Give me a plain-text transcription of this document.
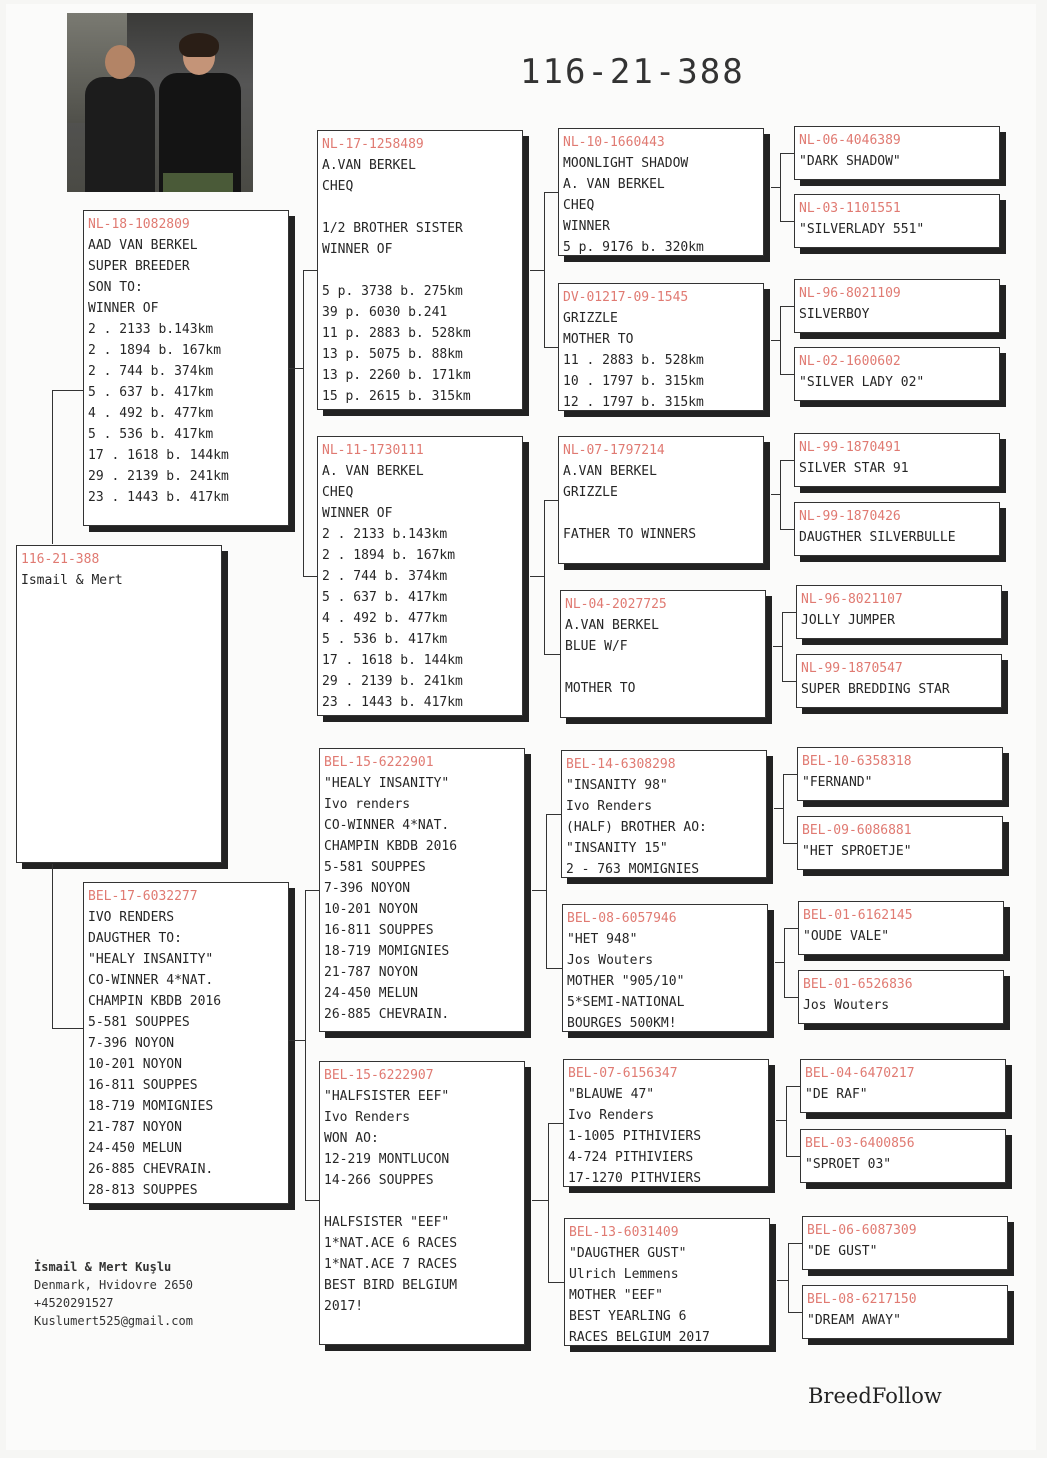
116-21-388
116-21-388
Ismail & Mert
NL-18-1082809
AAD VAN BERKEL
SUPER BREEDER
SON TO:
WINNER OF
2 . 2133 b.143km
2 . 1894 b. 167km
2 . 744 b. 374km
5 . 637 b. 417km
4 . 492 b. 477km
5 . 536 b. 417km
17 . 1618 b. 144km
29 . 2139 b. 241km
23 . 1443 b. 417km
BEL-17-6032277
IVO RENDERS
DAUGTHER TO:
"HEALY INSANITY"
CO-WINNER 4*NAT.
CHAMPIN KBDB 2016
5-581 SOUPPES
7-396 NOYON
10-201 NOYON
16-811 SOUPPES
18-719 MOMIGNIES
21-787 NOYON
24-450 MELUN
26-885 CHEVRAIN.
28-813 SOUPPES
NL-17-1258489
A.VAN BERKEL
CHEQ

1/2 BROTHER SISTER
WINNER OF

5 p. 3738 b. 275km
39 p. 6030 b.241
11 p. 2883 b. 528km
13 p. 5075 b. 88km
13 p. 2260 b. 171km
15 p. 2615 b. 315km
NL-11-1730111
A. VAN BERKEL
CHEQ
WINNER OF
2 . 2133 b.143km
2 . 1894 b. 167km
2 . 744 b. 374km
5 . 637 b. 417km
4 . 492 b. 477km
5 . 536 b. 417km
17 . 1618 b. 144km
29 . 2139 b. 241km
23 . 1443 b. 417km
BEL-15-6222901
"HEALY INSANITY"
Ivo renders
CO-WINNER 4*NAT.
CHAMPIN KBDB 2016
5-581 SOUPPES
7-396 NOYON
10-201 NOYON
16-811 SOUPPES
18-719 MOMIGNIES
21-787 NOYON
24-450 MELUN
26-885 CHEVRAIN.
BEL-15-6222907
"HALFSISTER EEF"
Ivo Renders
WON AO:
12-219 MONTLUCON
14-266 SOUPPES

HALFSISTER "EEF"
1*NAT.ACE 6 RACES
1*NAT.ACE 7 RACES
BEST BIRD BELGIUM
2017!
NL-10-1660443
MOONLIGHT SHADOW
A. VAN BERKEL
CHEQ
WINNER
5 p. 9176 b. 320km
DV-01217-09-1545
GRIZZLE
MOTHER TO
11 . 2883 b. 528km
10 . 1797 b. 315km
12 . 1797 b. 315km
NL-07-1797214
A.VAN BERKEL
GRIZZLE

FATHER TO WINNERS
NL-04-2027725
A.VAN BERKEL
BLUE W/F

MOTHER TO
BEL-14-6308298
"INSANITY 98"
Ivo Renders
(HALF) BROTHER AO:
"INSANITY 15"
2 - 763 MOMIGNIES
BEL-08-6057946
"HET 948"
Jos Wouters
MOTHER "905/10"
5*SEMI-NATIONAL
BOURGES 500KM!
BEL-07-6156347
"BLAUWE 47"
Ivo Renders
1-1005 PITHIVIERS
4-724 PITHIVIERS
17-1270 PITHVIERS
BEL-13-6031409
"DAUGTHER GUST"
Ulrich Lemmens
MOTHER "EEF"
BEST YEARLING 6
RACES BELGIUM 2017
NL-06-4046389
"DARK SHADOW"
NL-03-1101551
"SILVERLADY 551"
NL-96-8021109
SILVERBOY
NL-02-1600602
"SILVER LADY 02"
NL-99-1870491
SILVER STAR 91
NL-99-1870426
DAUGTHER SILVERBULLE
NL-96-8021107
JOLLY JUMPER
NL-99-1870547
SUPER BREDDING STAR
BEL-10-6358318
"FERNAND"
BEL-09-6086881
"HET SPROETJE"
BEL-01-6162145
"OUDE VALE"
BEL-01-6526836
Jos Wouters
BEL-04-6470217
"DE RAF"
BEL-03-6400856
"SPROET 03"
BEL-06-6087309
"DE GUST"
BEL-08-6217150
"DREAM AWAY"
İsmail & Mert Kuşlu
Denmark, Hvidovre 2650
+4520291527
Kuslumert525@gmail.com
BreedFollow
